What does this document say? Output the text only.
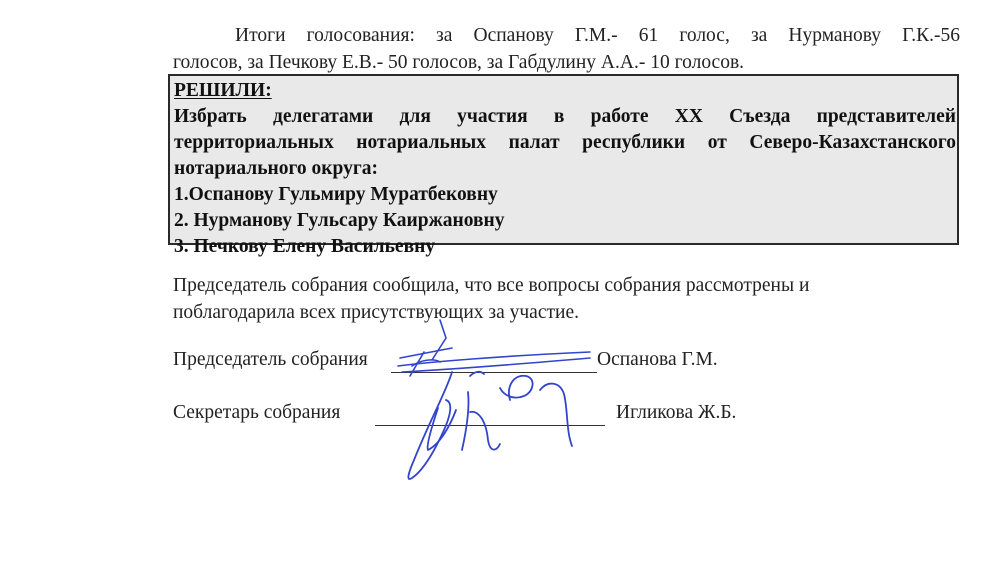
Итоги голосования: за Оспанову Г.М.- 61 голос, за Нурманову Г.К.-56
голосов, за Печкову Е.В.- 50 голосов, за Габдулину А.А.- 10 голосов.
РЕШИЛИ:
Избрать делегатами для участия в работе XX Съезда представителей
территориальных нотариальных палат республики от Северо-Казахстанского
нотариального округа:
1.Оспанову Гульмиру Муратбековну
2. Нурманову Гульсару Каиржановну
3. Печкову Елену Васильевну
Председатель собрания сообщила, что все вопросы собрания рассмотрены и
поблагодарила всех присутствующих за участие.
Председатель собрания	Оспанова Г.М.
Секретарь собрания	Игликова Ж.Б.
